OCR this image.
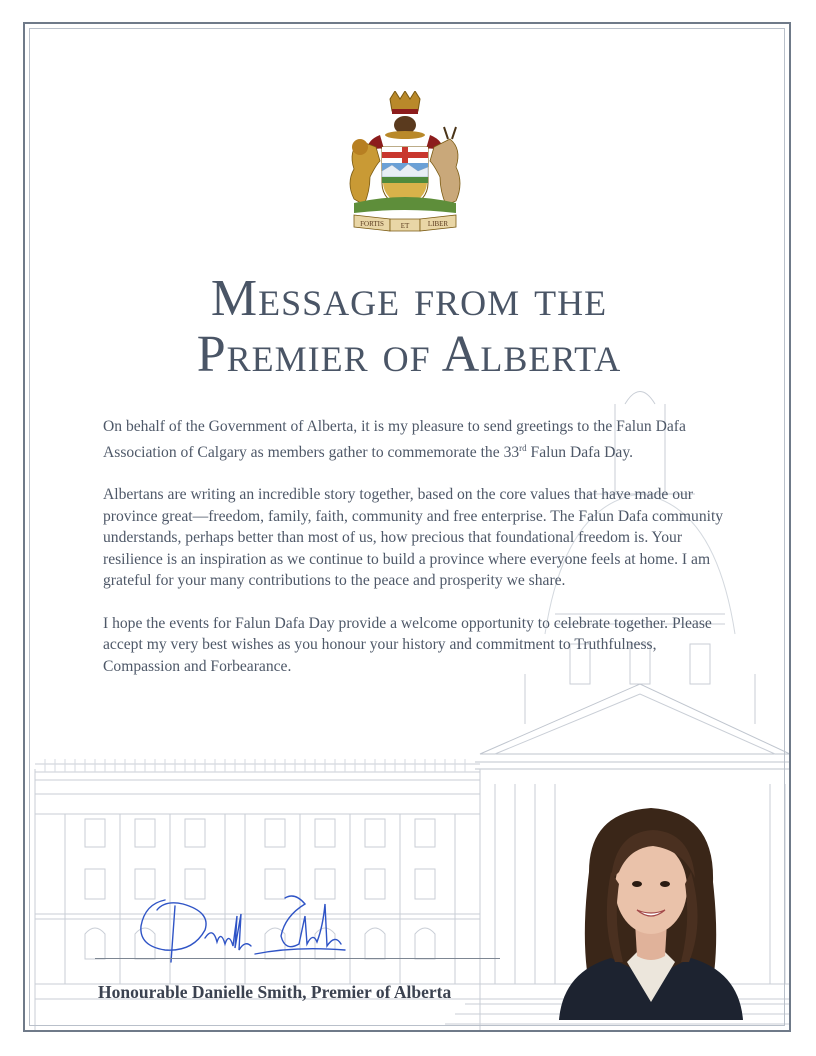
FORTIS ET	LIBER
Message from the
Premier of Alberta

On behalf of the Government of Alberta, it is my pleasure to send greetings to the Falun Dafa Association of Calgary as members gather to commemorate the 33rd Falun Dafa Day.

Albertans are writing an incredible story together, based on the core values that have made our province great—freedom, family, faith, community and free enterprise. The Falun Dafa community understands, perhaps better than most of us, how precious that foundational freedom is. Your resilience is an inspiration as we continue to build a province where everyone feels at home. I am grateful for your many contributions to the peace and prosperity we share.

I hope the events for Falun Dafa Day provide a welcome opportunity to celebrate together. Please accept my very best wishes as you honour your history and commitment to Truthfulness, Compassion and Forbearance.

Honourable Danielle Smith, Premier of Alberta
